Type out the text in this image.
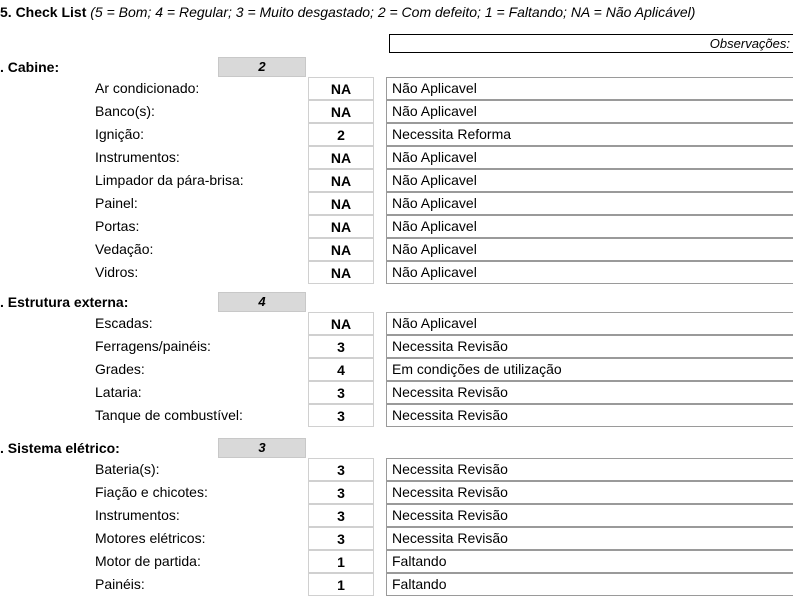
5. Check List (5 = Bom; 4 = Regular; 3 = Muito desgastado; 2 = Com defeito; 1 = Faltando; NA = Não Aplicável)
Observações:
. Cabine:	2
Ar condicionado:	NA	Não Aplicavel
Banco(s):	NA	Não Aplicavel
Ignição:	2	Necessita Reforma
Instrumentos:	NA	Não Aplicavel
Limpador da pára-brisa:	NA	Não Aplicavel
Painel:	NA	Não Aplicavel
Portas:	NA	Não Aplicavel
Vedação:	NA	Não Aplicavel
Vidros:	NA	Não Aplicavel
. Estrutura externa:	4
Escadas:	NA	Não Aplicavel
Ferragens/painéis:	3	Necessita Revisão
Grades:	4	Em condições de utilização
Lataria:	3	Necessita Revisão
Tanque de combustível:	3	Necessita Revisão
. Sistema elétrico:	3
Bateria(s):	3	Necessita Revisão
Fiação e chicotes:	3	Necessita Revisão
Instrumentos:	3	Necessita Revisão
Motores elétricos:	3	Necessita Revisão
Motor de partida:	1	Faltando
Painéis:	1	Faltando
